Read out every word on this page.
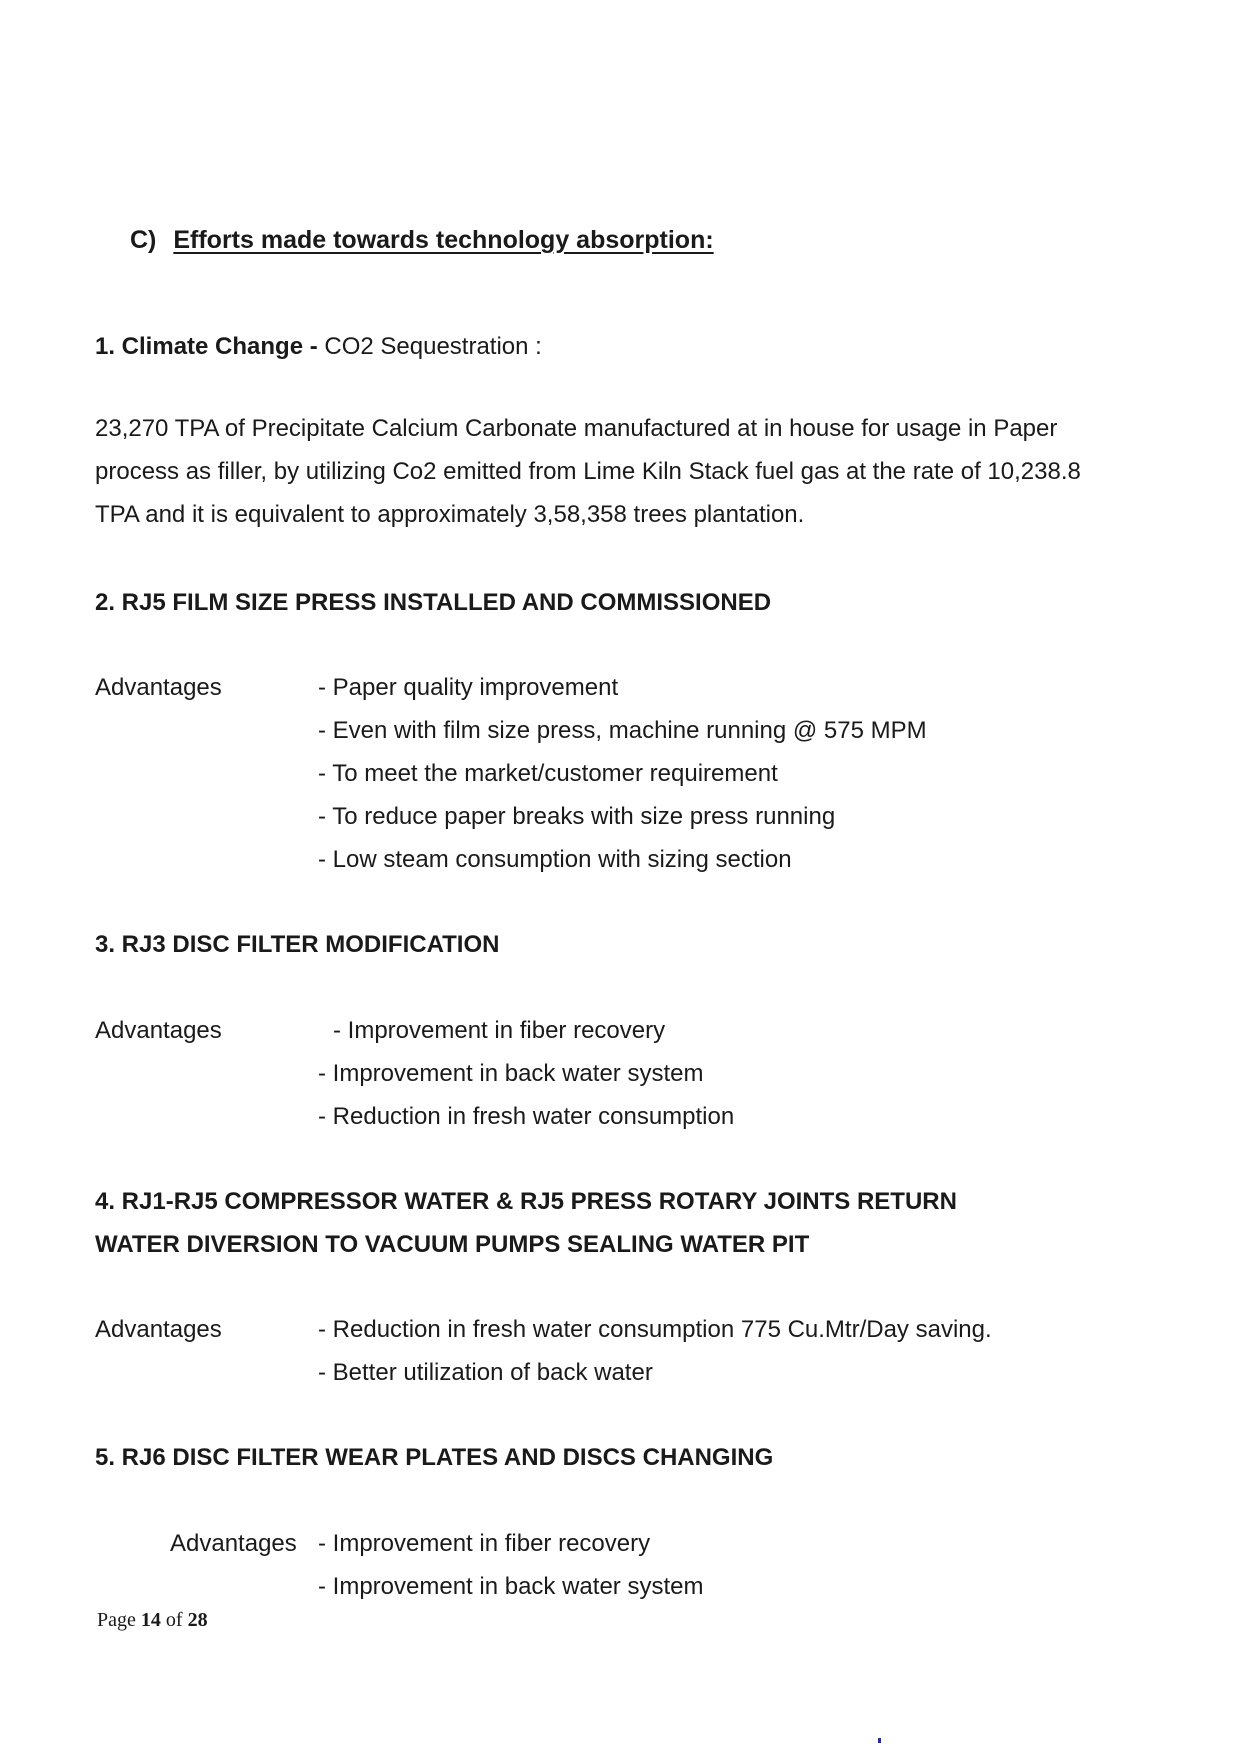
C) Efforts made towards technology absorption:
1. Climate Change - CO2 Sequestration :
23,270 TPA of Precipitate Calcium Carbonate manufactured at in house for usage in Paper
process as filler, by utilizing Co2 emitted from Lime Kiln Stack fuel gas at the rate of 10,238.8
TPA and it is equivalent to approximately 3,58,358 trees plantation.
2. RJ5 FILM SIZE PRESS INSTALLED AND COMMISSIONED
Advantages	- Paper quality improvement
- Even with film size press, machine running @ 575 MPM
- To meet the market/customer requirement
- To reduce paper breaks with size press running
- Low steam consumption with sizing section
3. RJ3 DISC FILTER MODIFICATION
Advantages	- Improvement in fiber recovery
- Improvement in back water system
- Reduction in fresh water consumption
4. RJ1-RJ5 COMPRESSOR WATER & RJ5 PRESS ROTARY JOINTS RETURN
WATER DIVERSION TO VACUUM PUMPS SEALING WATER PIT
Advantages	- Reduction in fresh water consumption 775 Cu.Mtr/Day saving.
- Better utilization of back water
5. RJ6 DISC FILTER WEAR PLATES AND DISCS CHANGING
Advantages - Improvement in fiber recovery
- Improvement in back water system
Page 14 of 28
